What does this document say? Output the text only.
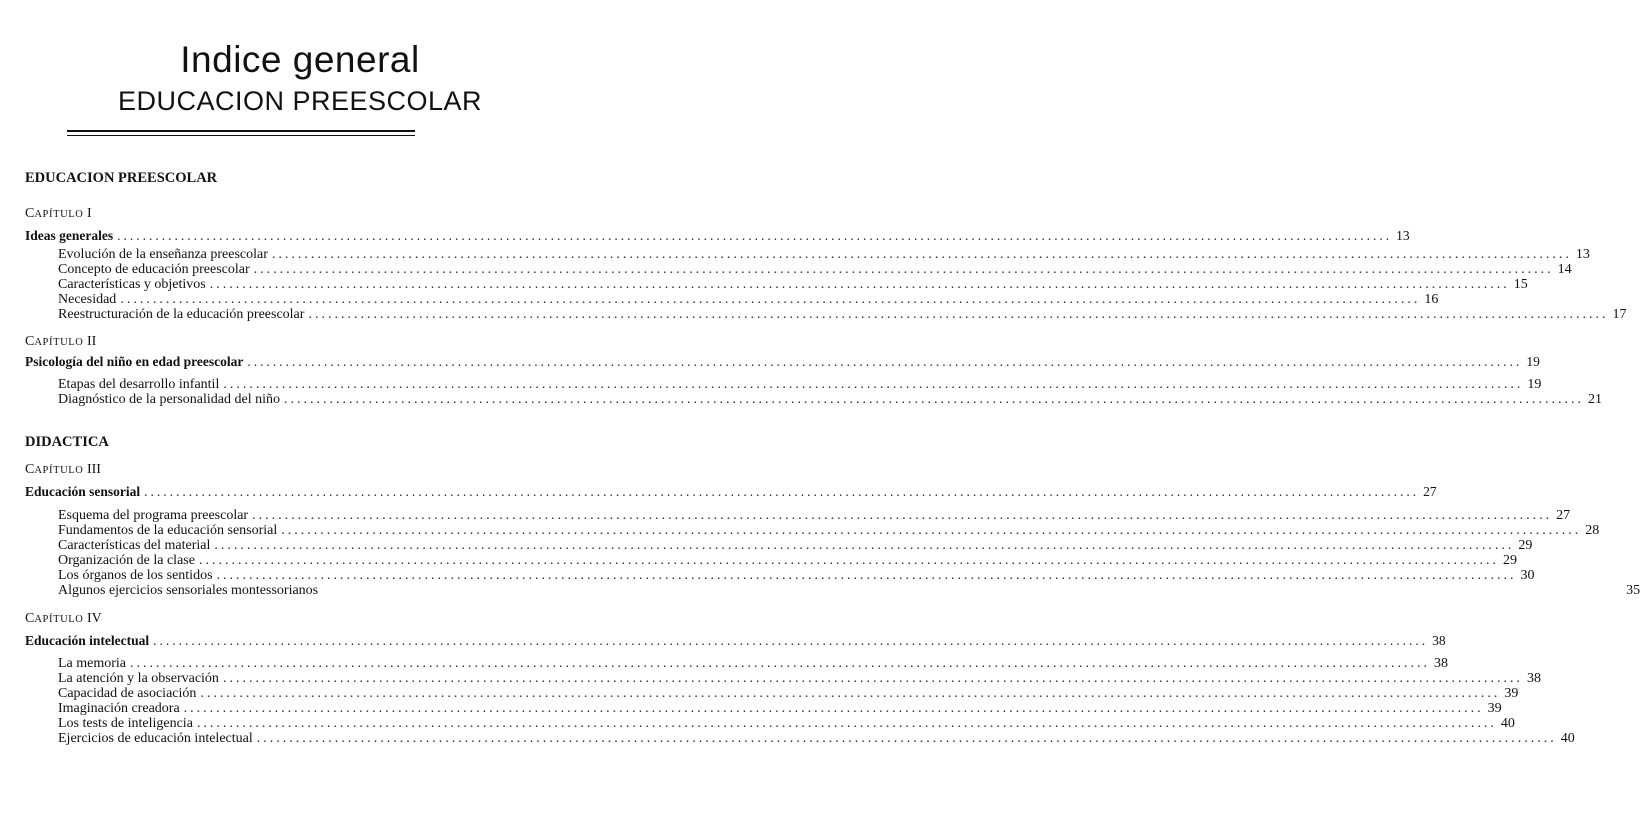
Indice general
EDUCACION PREESCOLAR
EDUCACION PREESCOLAR
CAPÍTULO I
Ideas generales ........................................................................................................................................................................................................ 13
Evolución de la enseñanza preescolar ........................................................................................................................................................................................................ 13
Concepto de educación preescolar ........................................................................................................................................................................................................ 14
Características y objetivos ........................................................................................................................................................................................................ 15
Necesidad ........................................................................................................................................................................................................ 16
Reestructuración de la educación preescolar ........................................................................................................................................................................................................ 17
CAPÍTULO II
Psicología del niño en edad preescolar ........................................................................................................................................................................................................ 19
Etapas del desarrollo infantil ........................................................................................................................................................................................................ 19
Diagnóstico de la personalidad del niño ........................................................................................................................................................................................................ 21
DIDACTICA
CAPÍTULO III
Educación sensorial ........................................................................................................................................................................................................ 27
Esquema del programa preescolar ........................................................................................................................................................................................................ 27
Fundamentos de la educación sensorial ........................................................................................................................................................................................................ 28
Características del material ........................................................................................................................................................................................................ 29
Organización de la clase ........................................................................................................................................................................................................ 29
Los órganos de los sentidos ........................................................................................................................................................................................................ 30
Algunos ejercicios sensoriales montessorianos	35
CAPÍTULO IV
Educación intelectual ........................................................................................................................................................................................................ 38
La memoria ........................................................................................................................................................................................................ 38
La atención y la observación ........................................................................................................................................................................................................ 38
Capacidad de asociación ........................................................................................................................................................................................................ 39
Imaginación creadora ........................................................................................................................................................................................................ 39
Los tests de inteligencia ........................................................................................................................................................................................................ 40
Ejercicios de educación intelectual ........................................................................................................................................................................................................ 40
